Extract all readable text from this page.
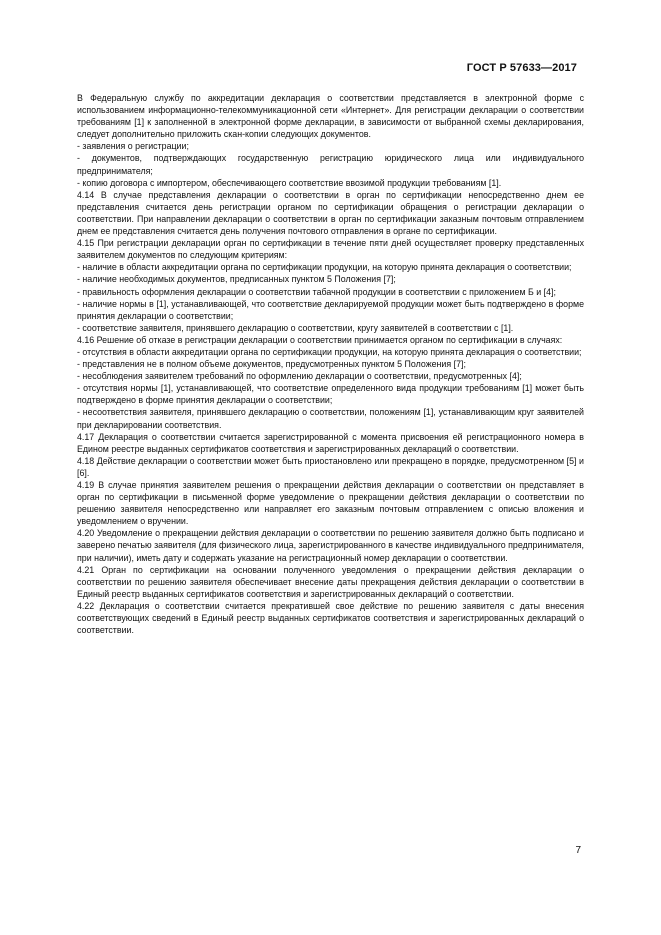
ГОСТ Р 57633—2017

В Федеральную службу по аккредитации декларация о соответствии представляется в электронной форме с использованием информационно-телекоммуникационной сети «Интернет». Для регистрации декларации о соответствии требованиям [1] к заполненной в электронной форме декларации, в зависимости от выбранной схемы декларирования, следует дополнительно приложить скан-копии следующих документов.

- заявления о регистрации;

- документов, подтверждающих государственную регистрацию юридического лица или индивидуального предпринимателя;

- копию договора с импортером, обеспечивающего соответствие ввозимой продукции требованиям [1].

4.14 В случае представления декларации о соответствии в орган по сертификации непосредственно днем ее представления считается день регистрации органом по сертификации обращения о регистрации декларации о соответствии. При направлении декларации о соответствии в орган по сертификации заказным почтовым отправлением днем ее представления считается день получения почтового отправления в органе по сертификации.

4.15 При регистрации декларации орган по сертификации в течение пяти дней осуществляет проверку представленных заявителем документов по следующим критериям:

- наличие в области аккредитации органа по сертификации продукции, на которую принята декларация о соответствии;

- наличие необходимых документов, предписанных пунктом 5 Положения [7];

- правильность оформления декларации о соответствии табачной продукции в соответствии с приложением Б и [4];

- наличие нормы в [1], устанавливающей, что соответствие декларируемой продукции может быть подтверждено в форме принятия декларации о соответствии;

- соответствие заявителя, принявшего декларацию о соответствии, кругу заявителей в соответствии с [1].

4.16 Решение об отказе в регистрации декларации о соответствии принимается органом по сертификации в случаях:

- отсутствия в области аккредитации органа по сертификации продукции, на которую принята декларация о соответствии;

- представления не в полном объеме документов, предусмотренных пунктом 5 Положения [7];

- несоблюдения заявителем требований по оформлению декларации о соответствии, предусмотренных [4];

- отсутствия нормы [1], устанавливающей, что соответствие определенного вида продукции требованиям [1] может быть подтверждено в форме принятия декларации о соответствии;

- несоответствия заявителя, принявшего декларацию о соответствии, положениям [1], устанавливающим круг заявителей при декларировании соответствия.

4.17 Декларация о соответствии считается зарегистрированной с момента присвоения ей регистрационного номера в Едином реестре выданных сертификатов соответствия и зарегистрированных деклараций о соответствии.

4.18 Действие декларации о соответствии может быть приостановлено или прекращено в порядке, предусмотренном [5] и [6].

4.19 В случае принятия заявителем решения о прекращении действия декларации о соответствии он представляет в орган по сертификации в письменной форме уведомление о прекращении действия декларации о соответствии по решению заявителя непосредственно или направляет его заказным почтовым отправлением с описью вложения и уведомлением о вручении.

4.20 Уведомление о прекращении действия декларации о соответствии по решению заявителя должно быть подписано и заверено печатью заявителя (для физического лица, зарегистрированного в качестве индивидуального предпринимателя, при наличии), иметь дату и содержать указание на регистрационный номер декларации о соответствии.

4.21 Орган по сертификации на основании полученного уведомления о прекращении действия декларации о соответствии по решению заявителя обеспечивает внесение даты прекращения действия декларации о соответствии в Единый реестр выданных сертификатов соответствия и зарегистрированных деклараций о соответствии.

4.22 Декларация о соответствии считается прекратившей свое действие по решению заявителя с даты внесения соответствующих сведений в Единый реестр выданных сертификатов соответствия и зарегистрированных деклараций о соответствии.

7
